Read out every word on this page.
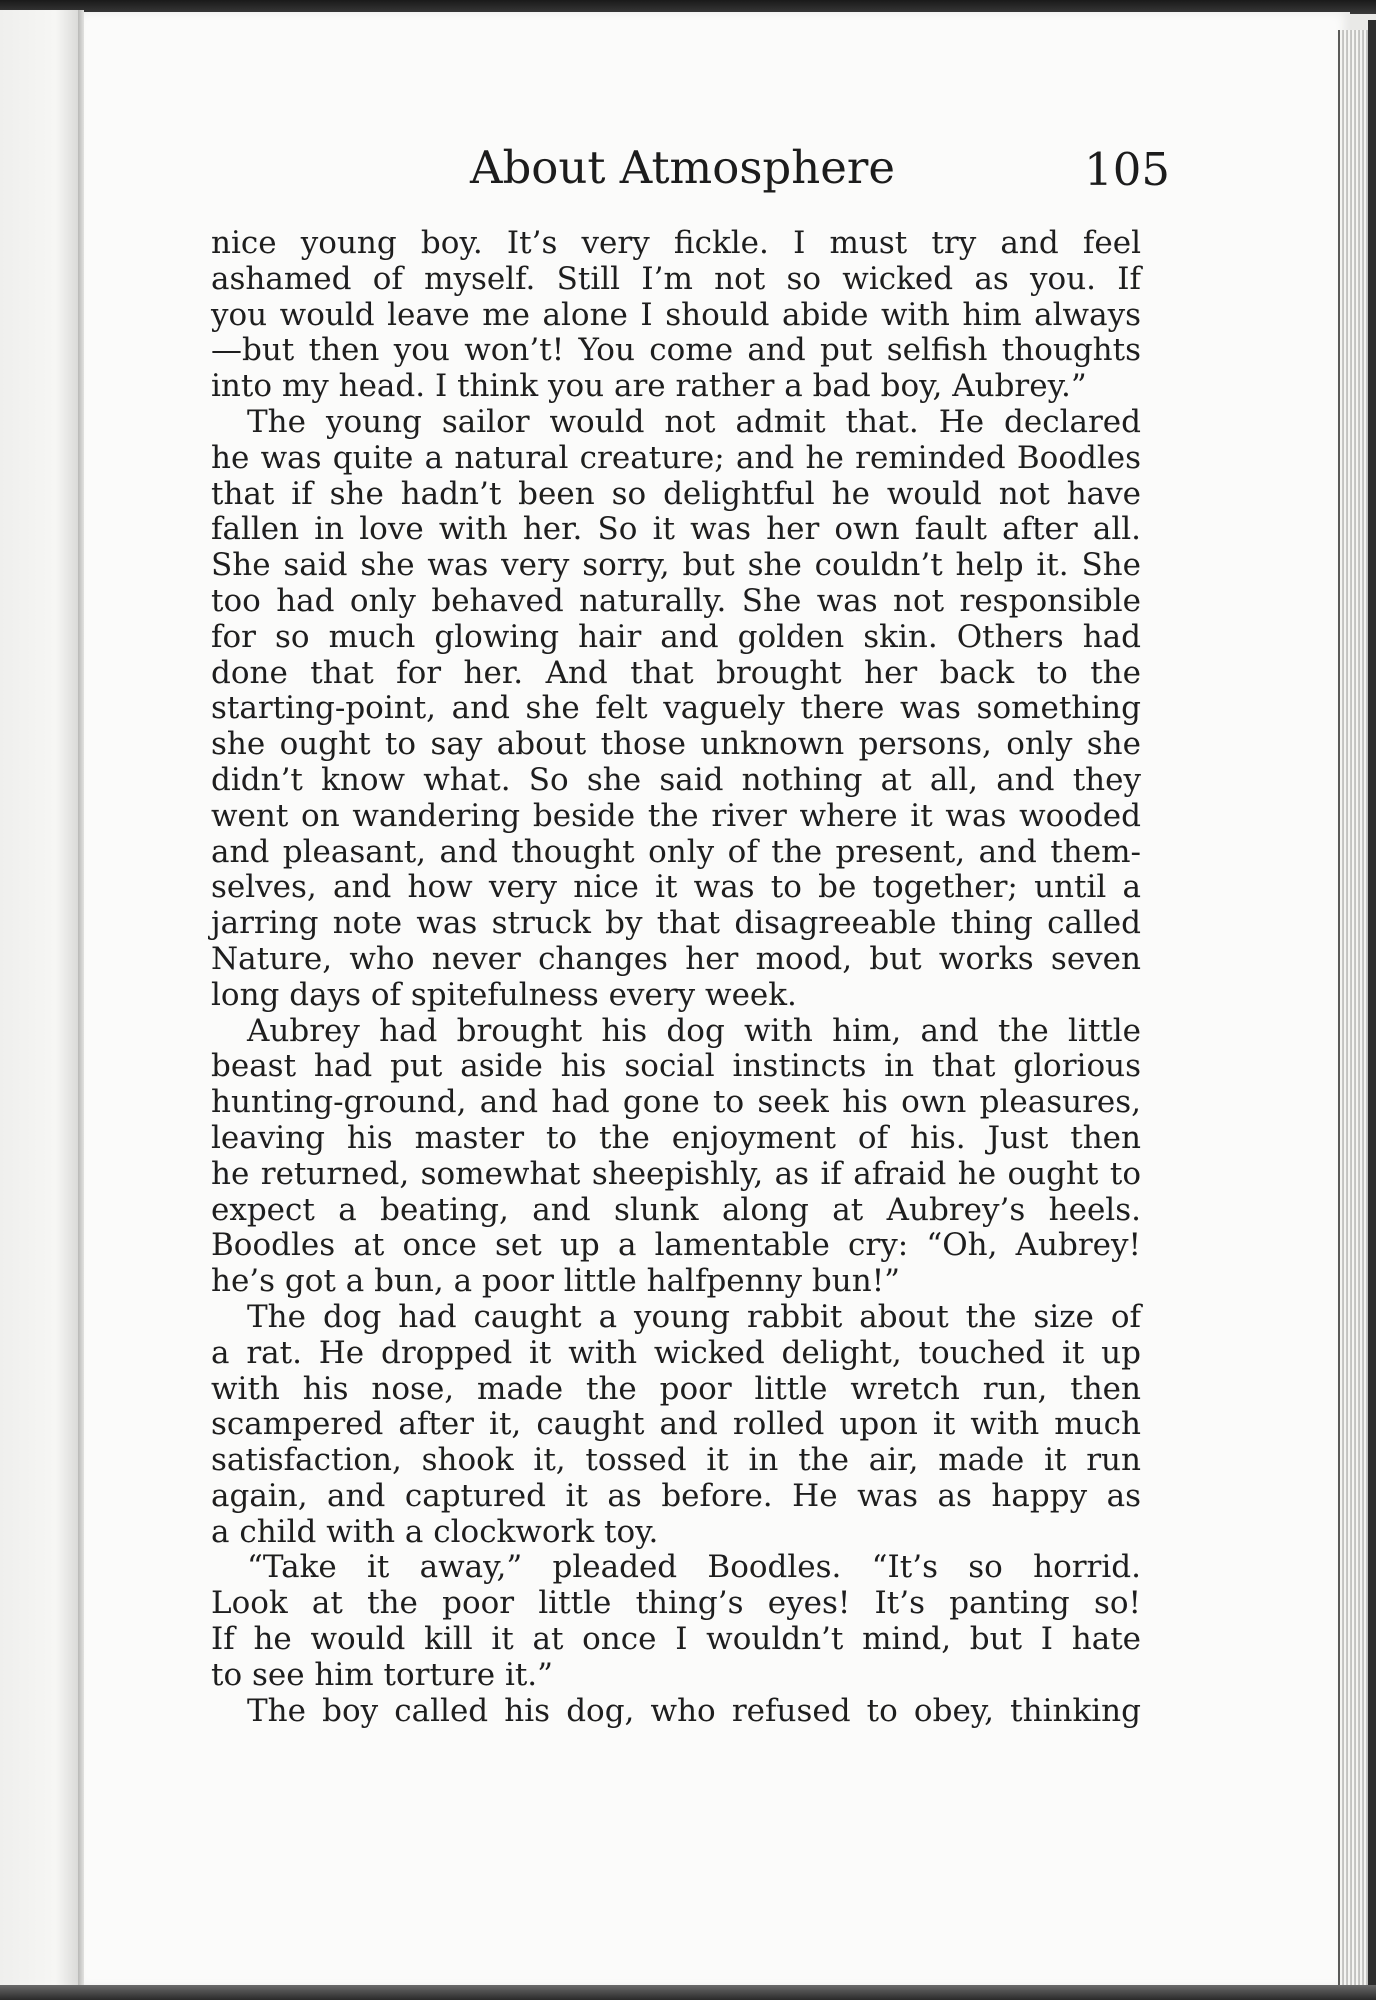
About Atmosphere	105
nice young boy. It’s very fickle. I must try and feel
ashamed of myself. Still I’m not so wicked as you. If
you would leave me alone I should abide with him always
—but then you won’t! You come and put selfish thoughts
into my head. I think you are rather a bad boy, Aubrey.”
The young sailor would not admit that. He declared
he was quite a natural creature; and he reminded Boodles
that if she hadn’t been so delightful he would not have
fallen in love with her. So it was her own fault after all.
She said she was very sorry, but she couldn’t help it. She
too had only behaved naturally. She was not responsible
for so much glowing hair and golden skin. Others had
done that for her. And that brought her back to the
starting-point, and she felt vaguely there was something
she ought to say about those unknown persons, only she
didn’t know what. So she said nothing at all, and they
went on wandering beside the river where it was wooded
and pleasant, and thought only of the present, and them-
selves, and how very nice it was to be together; until a
jarring note was struck by that disagreeable thing called
Nature, who never changes her mood, but works seven
long days of spitefulness every week.
Aubrey had brought his dog with him, and the little
beast had put aside his social instincts in that glorious
hunting-ground, and had gone to seek his own pleasures,
leaving his master to the enjoyment of his. Just then
he returned, somewhat sheepishly, as if afraid he ought to
expect a beating, and slunk along at Aubrey’s heels.
Boodles at once set up a lamentable cry: “Oh, Aubrey!
he’s got a bun, a poor little halfpenny bun!”
The dog had caught a young rabbit about the size of
a rat. He dropped it with wicked delight, touched it up
with his nose, made the poor little wretch run, then
scampered after it, caught and rolled upon it with much
satisfaction, shook it, tossed it in the air, made it run
again, and captured it as before. He was as happy as
a child with a clockwork toy.
“Take it away,” pleaded Boodles. “It’s so horrid.
Look at the poor little thing’s eyes! It’s panting so!
If he would kill it at once I wouldn’t mind, but I hate
to see him torture it.”
The boy called his dog, who refused to obey, thinking
